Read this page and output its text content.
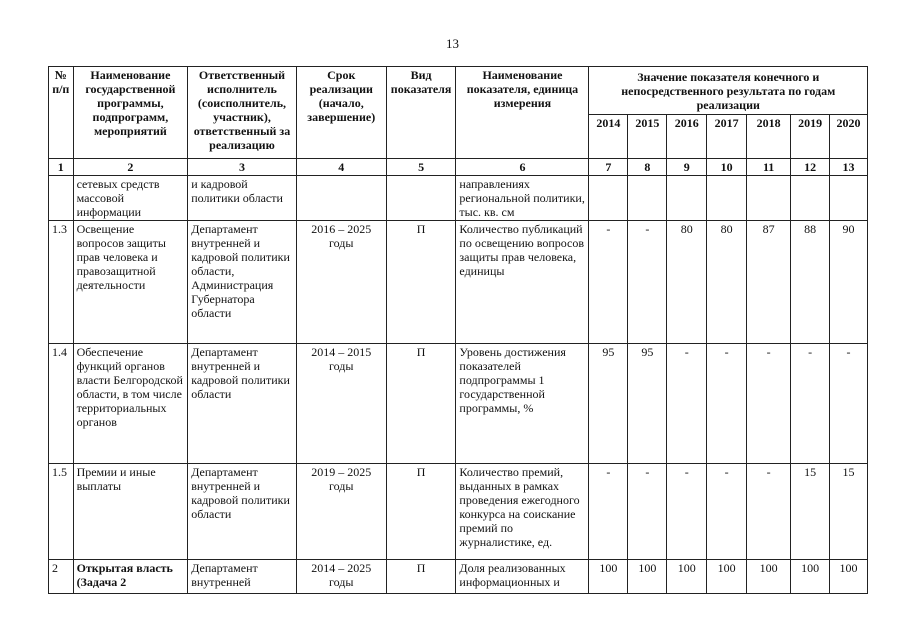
13
№ п/п	Наименование государственной программы, подпрограмм, мероприятий	Ответственный исполнитель (соисполнитель, участник), ответственный за реализацию	Срок реализации (начало, завершение)	Вид показателя	Наименование показателя, единица измерения	Значение показателя конечного и непосредственного результата по годам реализации						
						2014	2015	2016	2017	2018	2019	2020
1	2	3	4	5	6	7	8	9	10	11	12	13
	сетевых средств массовой информации	и кадровой политики области			направлениях региональной политики, тыс. кв. см							
1.3	Освещение вопросов защиты прав человека и правозащитной деятельности	Департамент внутренней и кадровой политики области, Администрация Губернатора области	2016 – 2025 годы	П	Количество публикаций по освещению вопросов защиты прав человека, единицы	-	-	80	80	87	88	90
1.4	Обеспечение функций органов власти Белгородской области, в том числе территориальных органов	Департамент внутренней и кадровой политики области	2014 – 2015 годы	П	Уровень достижения показателей подпрограммы 1 государственной программы, %	95	95	-	-	-	-	-
1.5	Премии и иные выплаты	Департамент внутренней и кадровой политики области	2019 – 2025 годы	П	Количество премий, выданных в рамках проведения ежегодного конкурса на соискание премий по журналистике, ед.	-	-	-	-	-	15	15
2	Открытая власть (Задача 2	Департамент внутренней	2014 – 2025 годы	П	Доля реализованных информационных и	100	100	100	100	100	100	100
